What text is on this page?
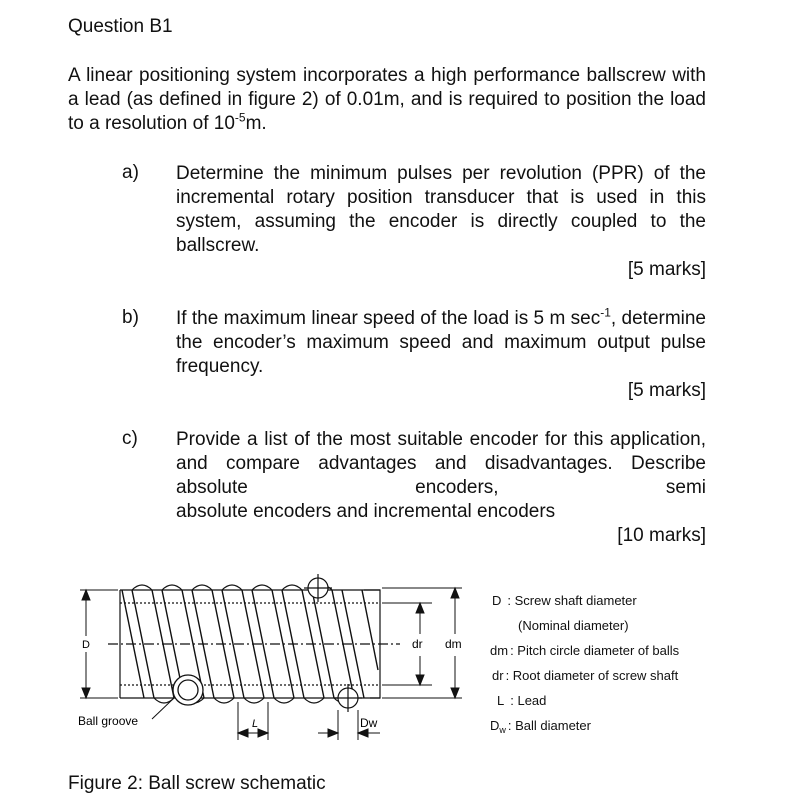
Question B1
A linear positioning system incorporates a high performance ballscrew with a lead (as defined in figure 2) of 0.01m, and is required to position the load to a resolution of $10^{-5}m$.
a) Determine the minimum pulses per revolution (PPR) of the incremental rotary position transducer that is used in this system, assuming the encoder is directly coupled to the ballscrew.
[5 marks]
b) If the maximum linear speed of the load is 5 m $\sec^{-1}$, determine the encoder’s maximum speed and maximum output pulse frequency.
[5 marks]
c) Provide a list of the most suitable encoder for this application, and compare advantages and disadvantages. Describe absolute encoders, semi
absolute encoders and incremental encoders
[10 marks]
D	dr dm
Ball groove	L	Dw
D : Screw shaft diameter
(Nominal diameter)
dm : Pitch circle diameter of balls
dr : Root diameter of screw shaft
L : Lead
$D_w$ : Ball diameter
Figure 2: Ball screw schematic
